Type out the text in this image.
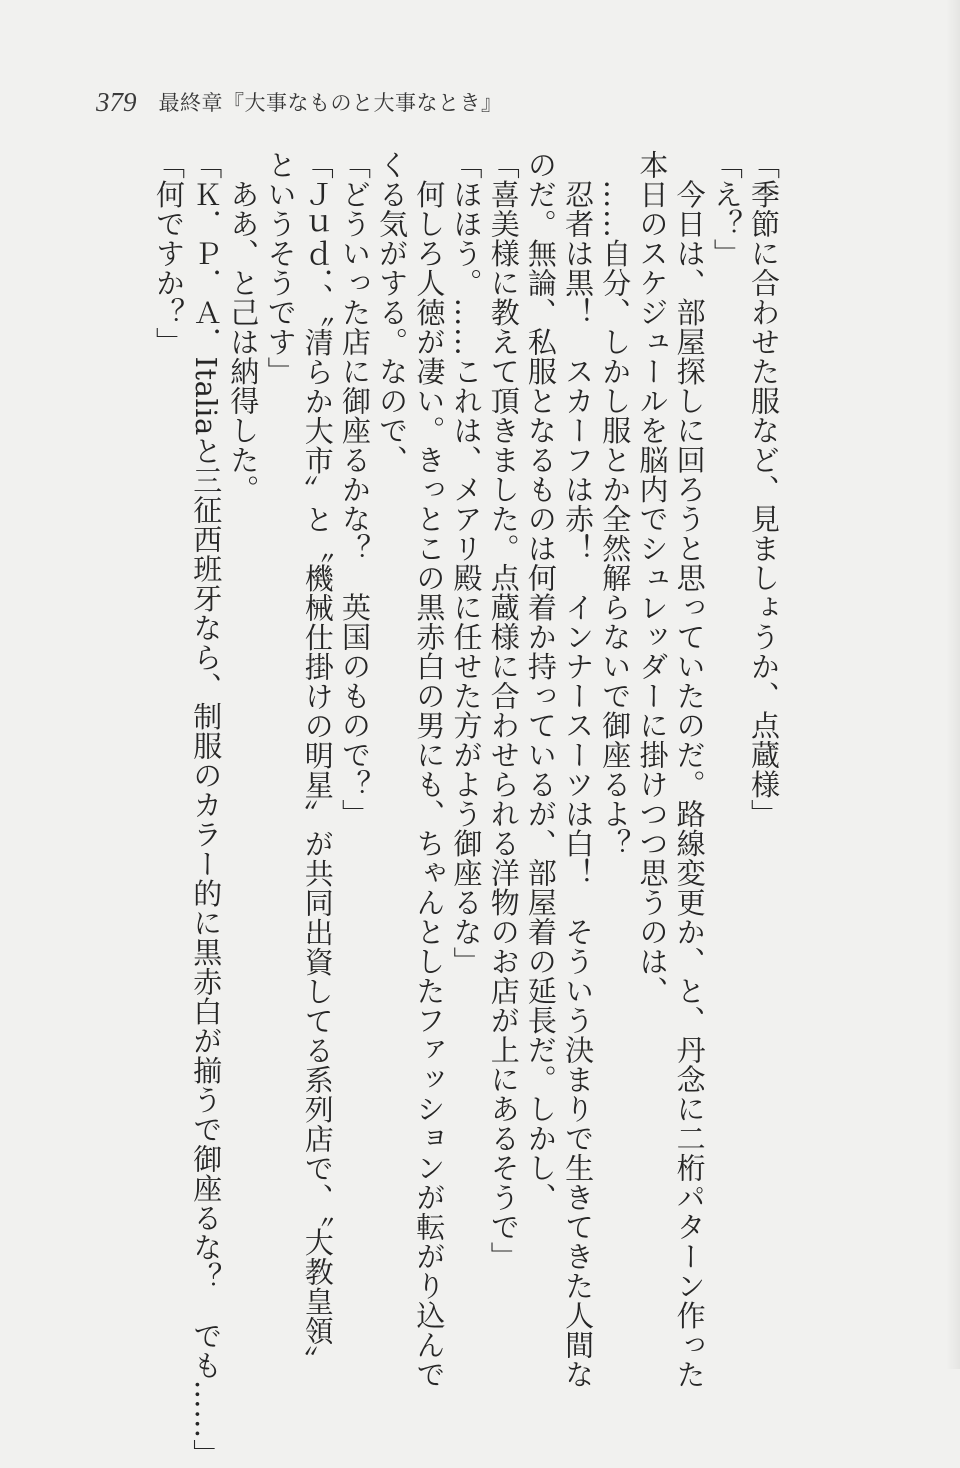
379 最終章『大事なものと大事なとき』
「季節に合わせた服など、見ましょうか、点蔵様」
「え？」
　今日は、部屋探しに回ろうと思っていたのだ。路線変更か、と、丹念に二桁パターン作った
本日のスケジュールを脳内でシュレッダーに掛けつつ思うのは、
　……自分、しかし服とか全然解らないで御座るよ？
　忍者は黒！　スカーフは赤！　インナースーツは白！　そういう決まりで生きてきた人間な
のだ。無論、私服となるものは何着か持っているが、部屋着の延長だ。しかし、
「喜美様に教えて頂きました。点蔵様に合わせられる洋物のお店が上にあるそうで」
「ほほう。……これは、メアリ殿に任せた方がよう御座るな」
　何しろ人徳が凄い。きっとこの黒赤白の男にも、ちゃんとしたファッションが転がり込んで
くる気がする。なので、
「どういった店に御座るかな？　英国のもので？」
「Ｊｕｄ．、〝清らか大市〟と〝機械仕掛けの明星〟が共同出資してる系列店で、〝大教皇領〟
というそうです」
　ああ、と己は納得した。
「Ｋ．Ｐ．Ａ．Italiaと三征西班牙なら、制服のカラー的に黒赤白が揃うで御座るな？　でも……」
「何ですか？」
